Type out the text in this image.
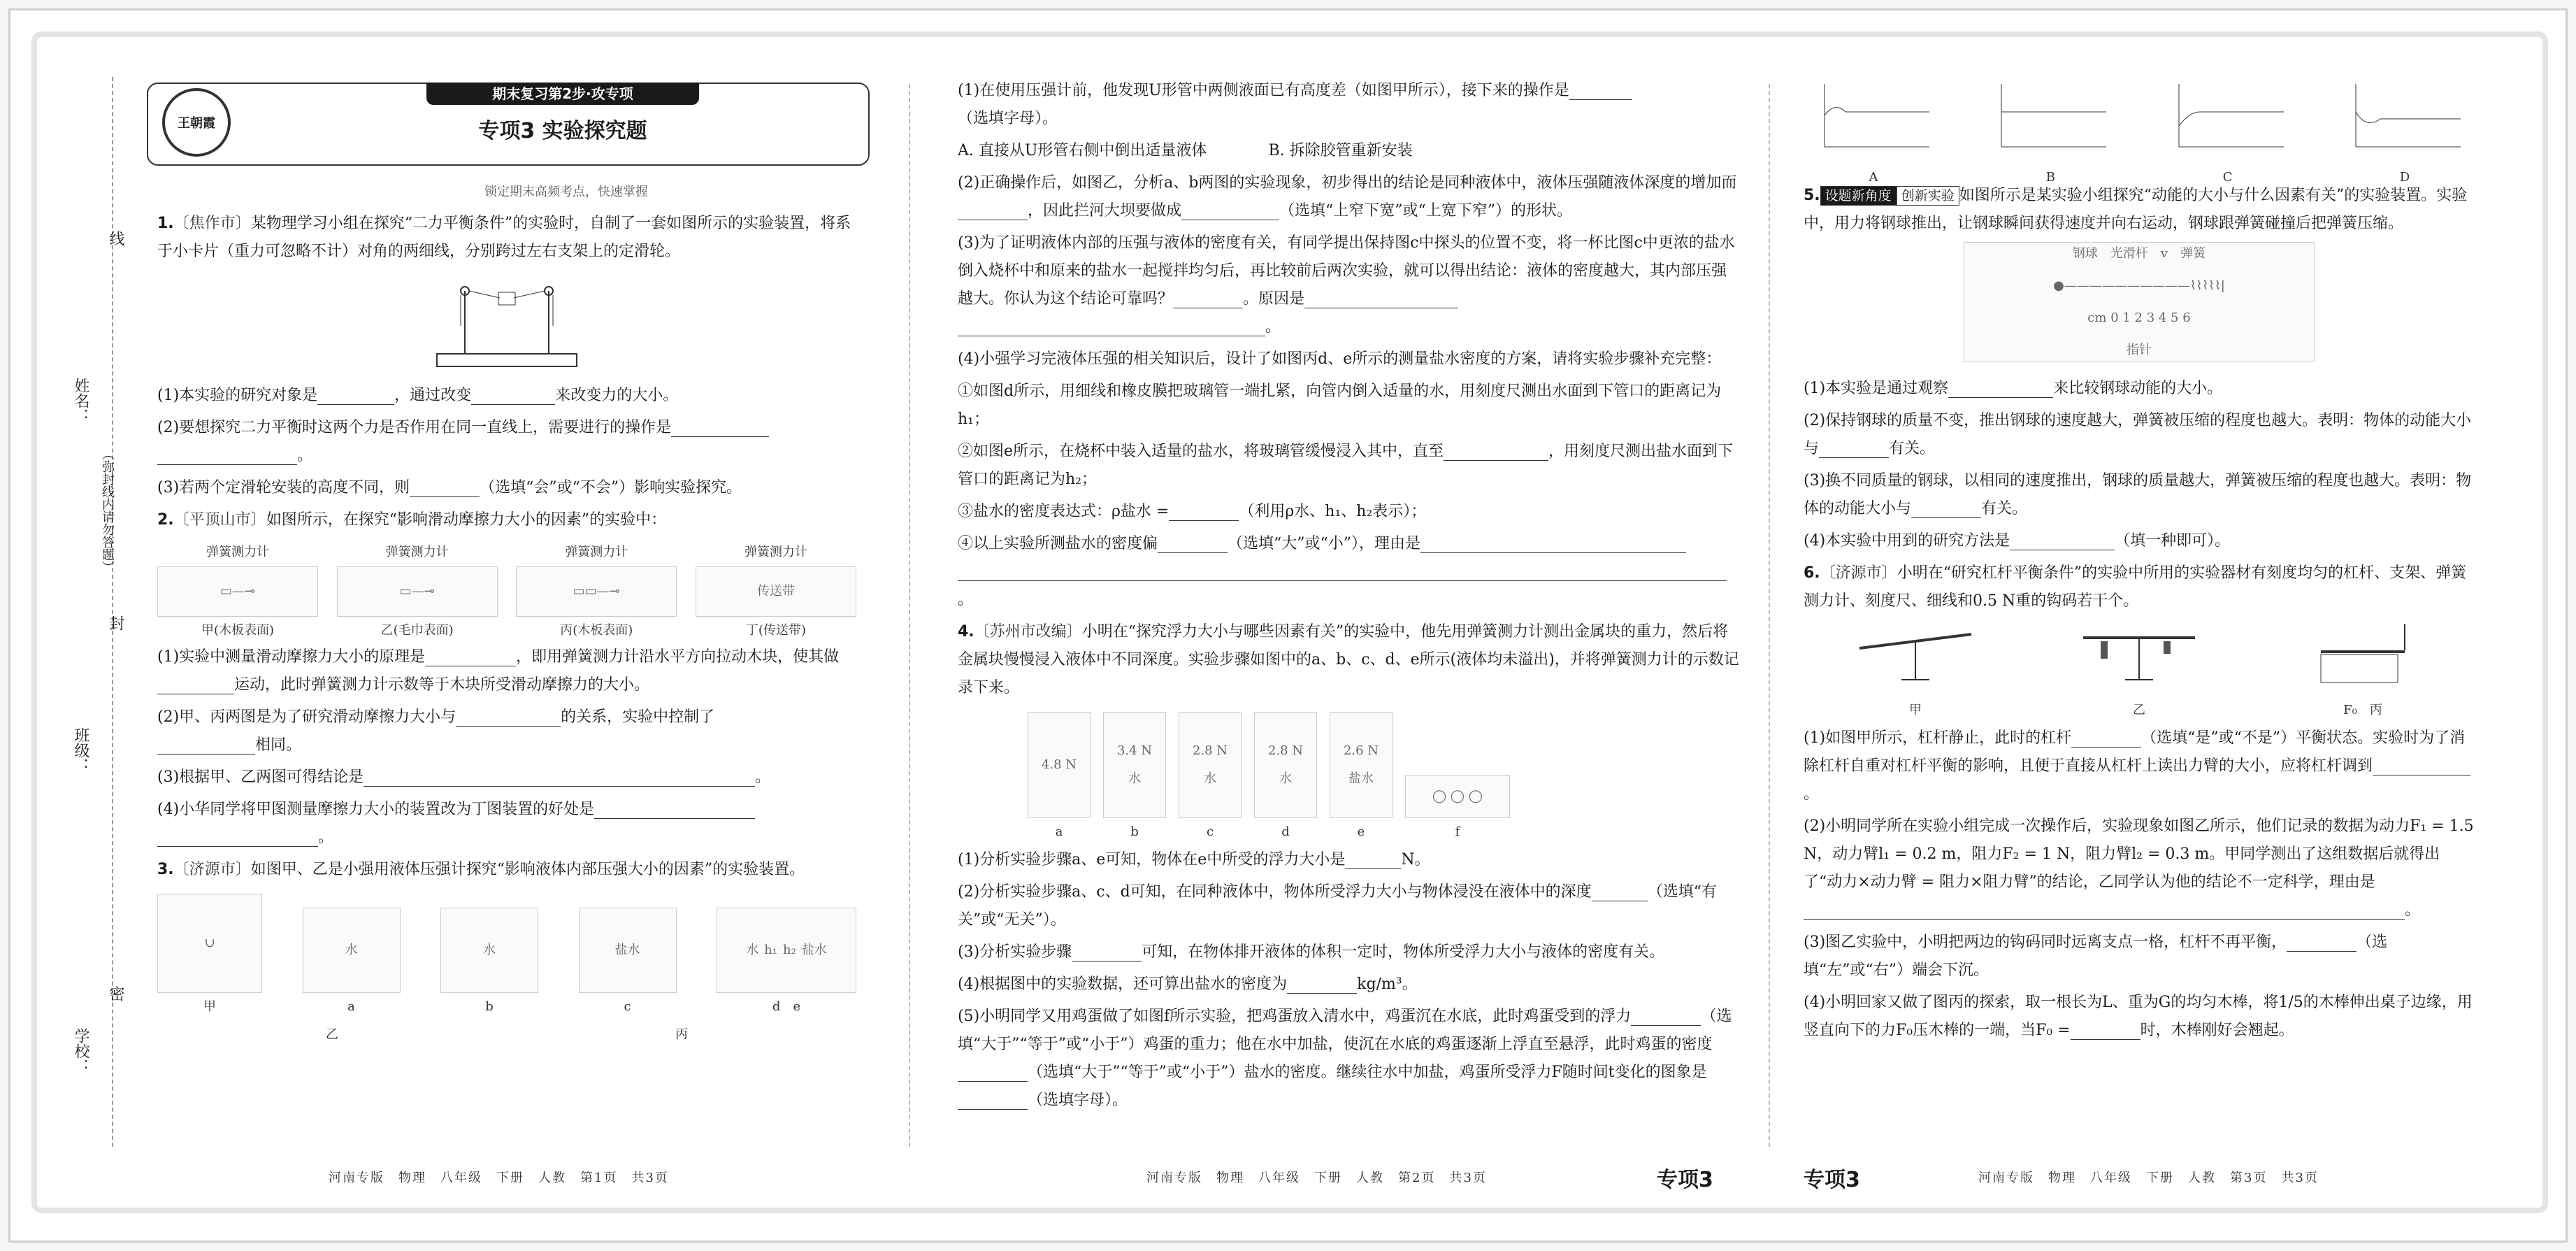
姓名：
班级：
学校：
（弥封线内请勿答题）
线
封
密
王朝霞
期末复习第2步·攻专项
专项3 实验探究题
锁定期末高频考点，快速掌握

1.〔焦作市〕某物理学习小组在探究“二力平衡条件”的实验时，自制了一套如图所示的实验装置，将系于小卡片（重力可忽略不计）对角的两细线，分别跨过左右支架上的定滑轮。

(1)本实验的研究对象是	，通过改变	来改变力的大小。

(2)要想探究二力平衡时这两个力是否作用在同一直线上，需要进行的操作是
。

(3)若两个定滑轮安装的高度不同，则	（选填“会”或“不会”）影响实验探究。

2.〔平顶山市〕如图所示，在探究“影响滑动摩擦力大小的因素”的实验中：

弹簧测力计
▭—⊸
甲(木板表面)
弹簧测力计
▭—⊸
乙(毛巾表面)
弹簧测力计
▭▭—⊸
丙(木板表面)
弹簧测力计
传送带
丁(传送带)

(1)实验中测量滑动摩擦力大小的原理是	，即用弹簧测力计沿水平方向拉动木块，使其做运动，此时弹簧测力计示数等于木块所受滑动摩擦力的大小。

(2)甲、丙两图是为了研究滑动摩擦力大小与	的关系，实验中控制了
相同。

(3)根据甲、乙两图可得结论是	。

(4)小华同学将甲图测量摩擦力大小的装置改为丁图装置的好处是
。

3.〔济源市〕如图甲、乙是小强用液体压强计探究“影响液体内部压强大小的因素”的实验装置。

∪
甲
水
a
水
b
盐水
c
水 h₁ h₂ 盐水
d　 e
乙	丙

(1)在使用压强计前，他发现U形管中两侧液面已有高度差（如图甲所示），接下来的操作是
（选填字母）。

A. 直接从U形管右侧中倒出适量液体　　　　	B. 拆除胶管重新安装

(2)正确操作后，如图乙，分析a、b两图的实验现象，初步得出的结论是同种液体中，液体压强随液体深度的增加而，因此拦河大坝要做成	（选填“上窄下宽”或“上宽下窄”）的形状。

(3)为了证明液体内部的压强与液体的密度有关，有同学提出保持图c中探头的位置不变，将一杯比图c中更浓的盐水倒入烧杯中和原来的盐水一起搅拌均匀后，再比较前后两次实验，就可以得出结论：液体的密度越大，其内部压强越大。你认为这个结论可靠吗？	。原因是
。

(4)小强学习完液体压强的相关知识后，设计了如图丙d、e所示的测量盐水密度的方案，请将实验步骤补充完整：

①如图d所示，用细线和橡皮膜把玻璃管一端扎紧，向管内倒入适量的水，用刻度尺测出水面到下管口的距离记为h₁；

②如图e所示，在烧杯中装入适量的盐水，将玻璃管缓慢浸入其中，直至	，用刻度尺测出盐水面到下管口的距离记为h₂；

③盐水的密度表达式：ρ盐水 =	（利用ρ水、h₁、h₂表示）；

④以上实验所测盐水的密度偏	（选填“大”或“小”），理由是
。

4.〔苏州市改编〕小明在“探究浮力大小与哪些因素有关”的实验中，他先用弹簧测力计测出金属块的重力，然后将金属块慢慢浸入液体中不同深度。实验步骤如图中的a、b、c、d、e所示(液体均未溢出)，并将弹簧测力计的示数记录下来。

4.8 N
a
3.4 N
水
b
2.8 N
水
c
2.8 N
水
d
2.6 N
盐水
e
◯ ◯ ◯
f

(1)分析实验步骤a、e可知，物体在e中所受的浮力大小是	N。

(2)分析实验步骤a、c、d可知，在同种液体中，物体所受浮力大小与物体浸没在液体中的深度	（选填“有关”或“无关”）。

(3)分析实验步骤	可知，在物体排开液体的体积一定时，物体所受浮力大小与液体的密度有关。

(4)根据图中的实验数据，还可算出盐水的密度为	kg/m³。

(5)小明同学又用鸡蛋做了如图f所示实验，把鸡蛋放入清水中，鸡蛋沉在水底，此时鸡蛋受到的浮力	（选填“大于”“等于”或“小于”）鸡蛋的重力；他在水中加盐，使沉在水底的鸡蛋逐渐上浮直至悬浮，此时鸡蛋的密度（选填“大于”“等于”或“小于”）盐水的密度。继续往水中加盐，鸡蛋所受浮力F随时间t变化的图象是（选填字母）。

A	B	C	D

5. 设题新角度 创新实验 如图所示是某实验小组探究“动能的大小与什么因素有关”的实验装置。实验中，用力将钢球推出，让钢球瞬间获得速度并向右运动，钢球跟弹簧碰撞后把弹簧压缩。

钢球　 光滑杆　 v　 弹簧
●——————————⌇⌇⌇⌇⌇|
cm 0 1 2 3 4 5 6
指针

(1)本实验是通过观察	来比较钢球动能的大小。

(2)保持钢球的质量不变，推出钢球的速度越大，弹簧被压缩的程度也越大。表明：物体的动能大小与	有关。

(3)换不同质量的钢球，以相同的速度推出，钢球的质量越大，弹簧被压缩的程度也越大。表明：物体的动能大小与	有关。

(4)本实验中用到的研究方法是	（填一种即可）。

6.〔济源市〕小明在“研究杠杆平衡条件”的实验中所用的实验器材有刻度均匀的杠杆、支架、弹簧测力计、刻度尺、细线和0.5 N重的钩码若干个。

甲	乙	F₀　 丙

(1)如图甲所示，杠杆静止，此时的杠杆	（选填“是”或“不是”）平衡状态。实验时为了消除杠杆自重对杠杆平衡的影响，且便于直接从杠杆上读出力臂的大小，应将杠杆调到。

(2)小明同学所在实验小组完成一次操作后，实验现象如图乙所示，他们记录的数据为动力F₁ = 1.5 N，动力臂l₁ = 0.2 m，阻力F₂ = 1 N，阻力臂l₂ = 0.3 m。甲同学测出了这组数据后就得出了“动力×动力臂 = 阻力×阻力臂”的结论，乙同学认为他的结论不一定科学，理由是。

(3)图乙实验中，小明把两边的钩码同时远离支点一格，杠杆不再平衡，	（选填“左”或“右”）端会下沉。

(4)小明回家又做了图丙的探索，取一根长为L、重为G的均匀木棒，将1/5的木棒伸出桌子边缘，用竖直向下的力F₀压木棒的一端，当F₀ =	时，木棒刚好会翘起。

河南专版　物理　八年级　下册　人教　第1页　共3页	河南专版　物理　八年级　下册　人教　第2页　共3页	专项3	专项3	河南专版　物理　八年级　下册　人教　第3页　共3页
